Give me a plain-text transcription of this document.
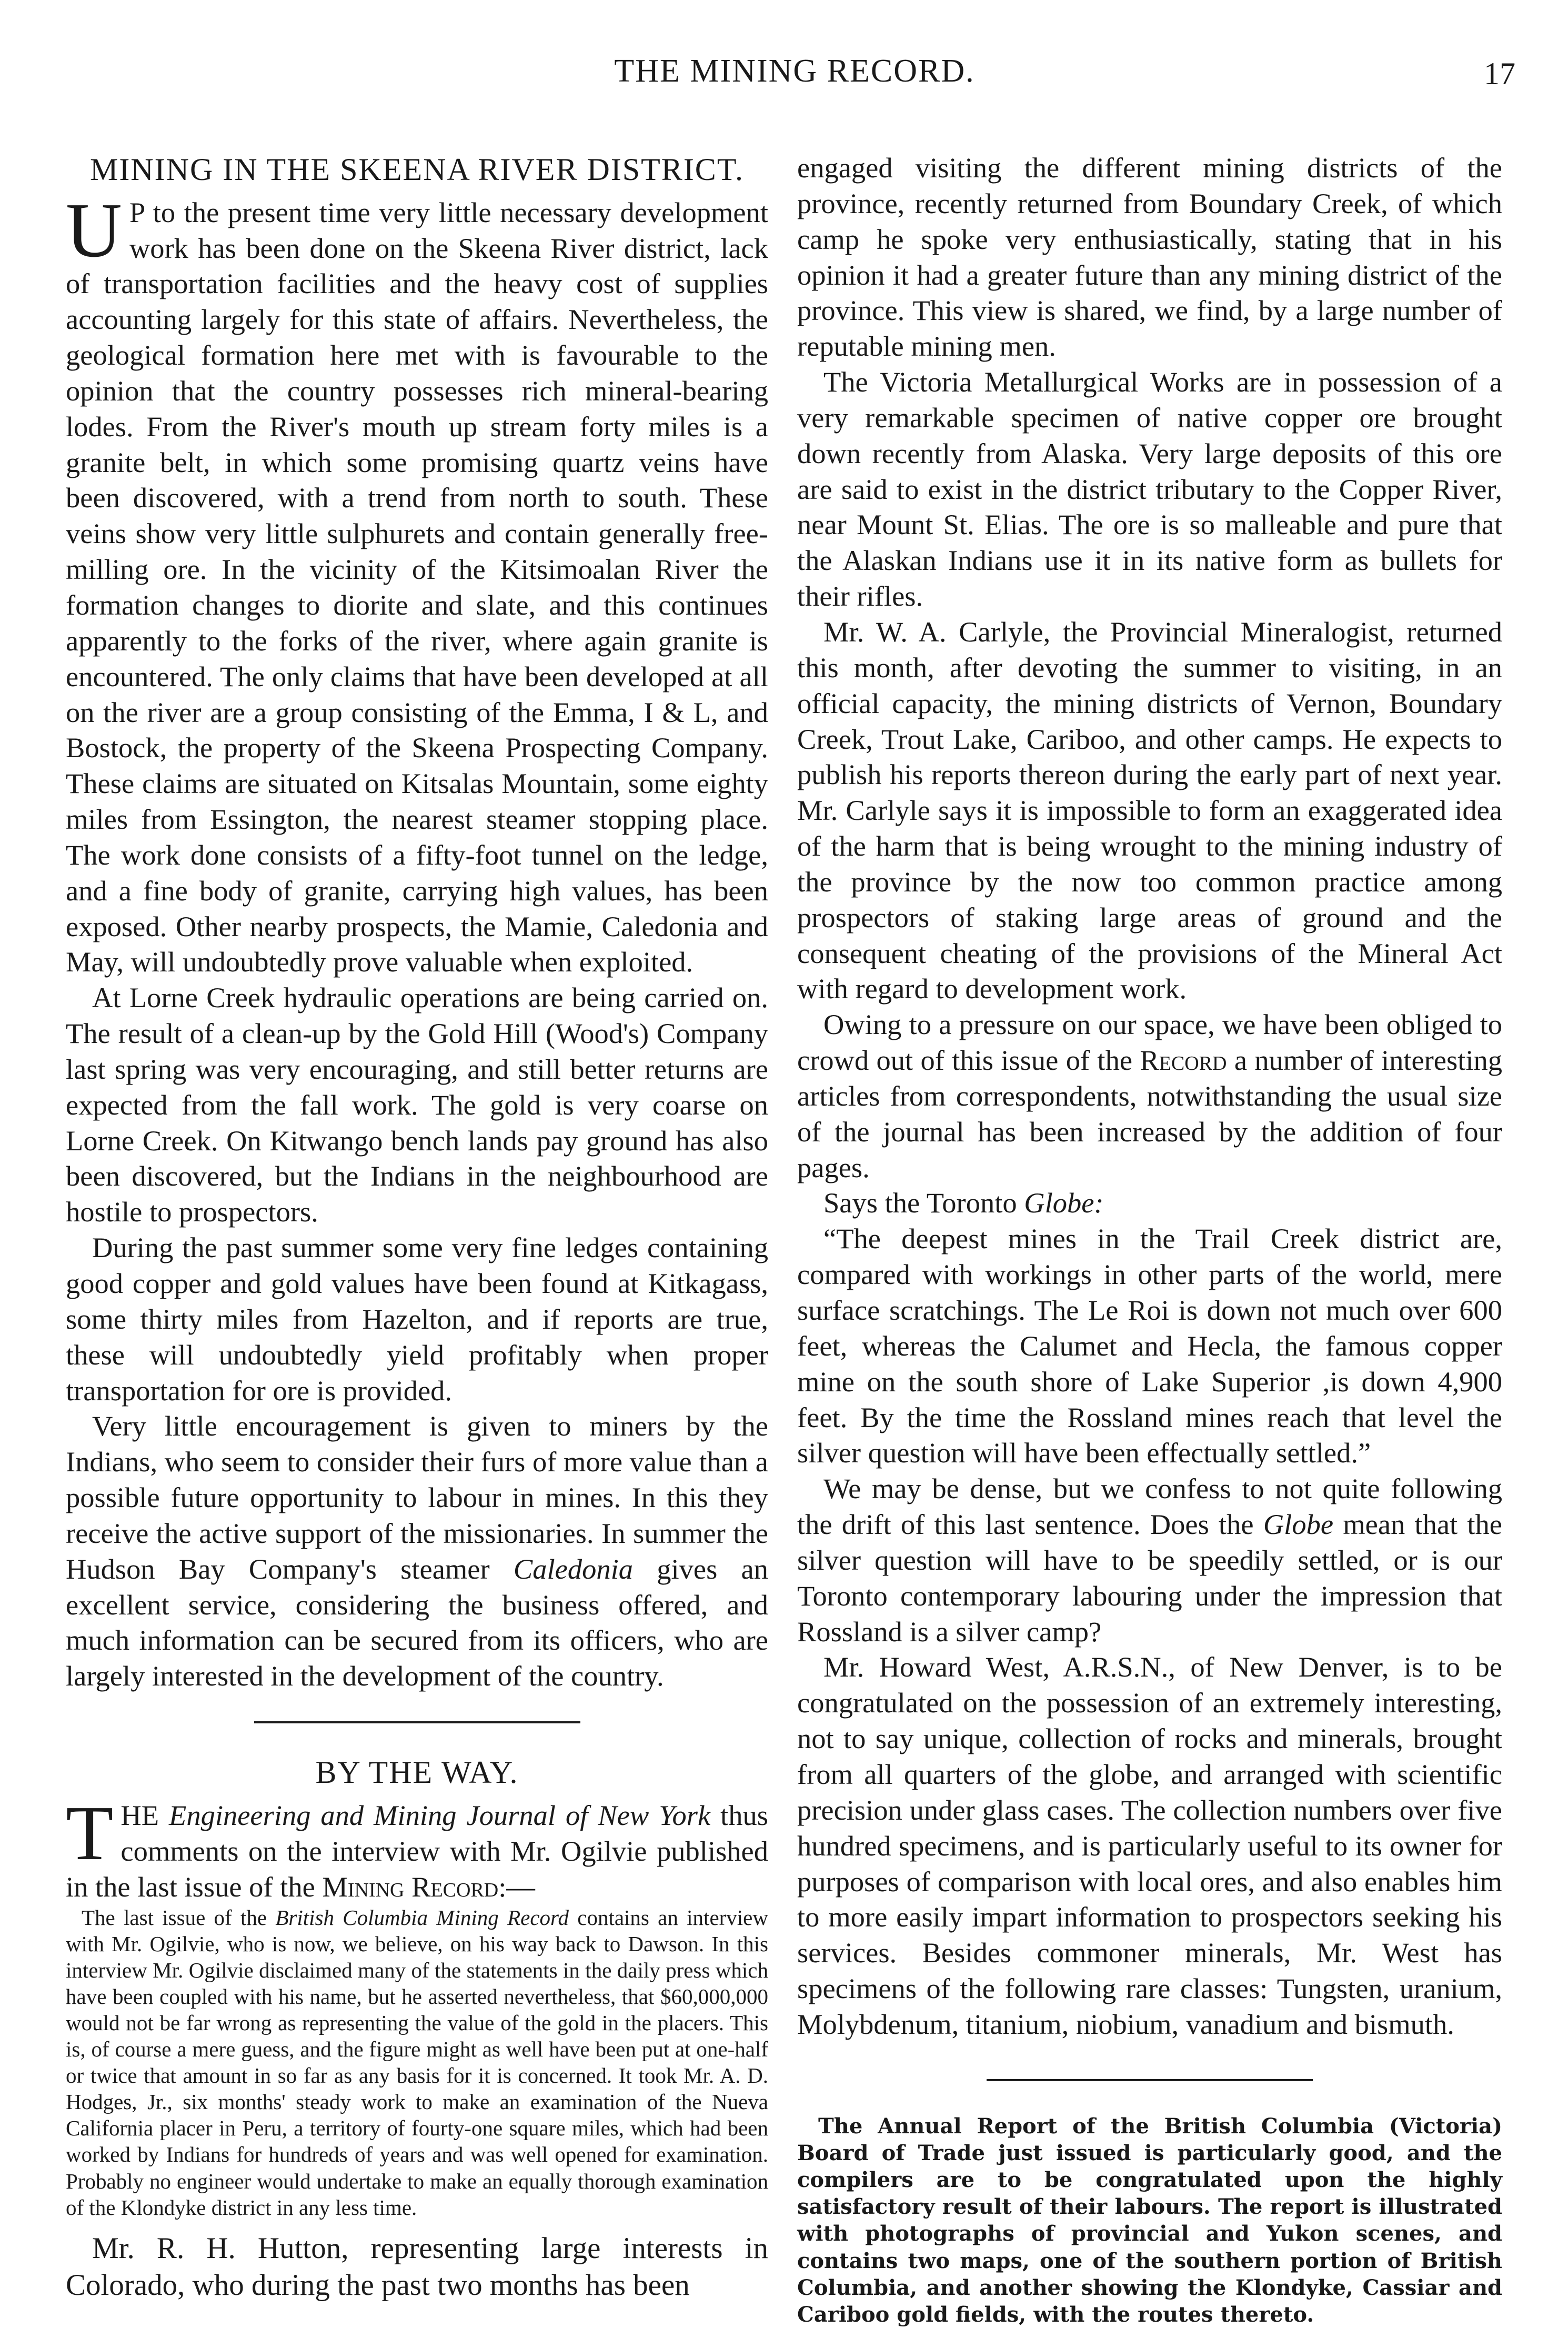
THE MINING RECORD.	17
MINING IN THE SKEENA RIVER DISTRICT.

U P to the present time very little necessary development work has been done on the Skeena River district, lack of transportation facilities and the heavy cost of supplies accounting largely for this state of affairs. Nevertheless, the geological formation here met with is favourable to the opinion that the country possesses rich mineral-bearing lodes. From the River's mouth up stream forty miles is a granite belt, in which some promising quartz veins have been discovered, with a trend from north to south. These veins show very little sulphurets and contain generally free-milling ore. In the vicinity of the Kitsimoalan River the formation changes to diorite and slate, and this continues apparently to the forks of the river, where again granite is encountered. The only claims that have been developed at all on the river are a group consisting of the Emma, I & L, and Bostock, the property of the Skeena Prospecting Company. These claims are situated on Kitsalas Mountain, some eighty miles from Essington, the nearest steamer stopping place. The work done consists of a fifty-foot tunnel on the ledge, and a fine body of granite, carrying high values, has been exposed. Other nearby prospects, the Mamie, Caledonia and May, will undoubtedly prove valuable when exploited.

At Lorne Creek hydraulic operations are being carried on. The result of a clean-up by the Gold Hill (Wood's) Company last spring was very encouraging, and still better returns are expected from the fall work. The gold is very coarse on Lorne Creek. On Kitwango bench lands pay ground has also been discovered, but the Indians in the neighbourhood are hostile to prospectors.

During the past summer some very fine ledges containing good copper and gold values have been found at Kitkagass, some thirty miles from Hazelton, and if reports are true, these will undoubtedly yield profitably when proper transportation for ore is provided.

Very little encouragement is given to miners by the Indians, who seem to consider their furs of more value than a possible future opportunity to labour in mines. In this they receive the active support of the missionaries. In summer the Hudson Bay Company's steamer Caledonia gives an excellent service, considering the business offered, and much information can be secured from its officers, who are largely interested in the development of the country.

BY THE WAY.

THE Engineering and Mining Journal of New York thus comments on the interview with Mr. Ogilvie published in the last issue of the Mining Record:—

The last issue of the British Columbia Mining Record contains an interview with Mr. Ogilvie, who is now, we believe, on his way back to Dawson. In this interview Mr. Ogilvie disclaimed many of the statements in the daily press which have been coupled with his name, but he asserted nevertheless, that $60,000,000 would not be far wrong as representing the value of the gold in the placers. This is, of course a mere guess, and the figure might as well have been put at one-half or twice that amount in so far as any basis for it is concerned. It took Mr. A. D. Hodges, Jr., six months' steady work to make an examination of the Nueva California placer in Peru, a territory of fourty-one square miles, which had been worked by Indians for hundreds of years and was well opened for examination. Probably no engineer would undertake to make an equally thorough examination of the Klondyke district in any less time.

Mr. R. H. Hutton, representing large interests in Colorado, who during the past two months has been

engaged visiting the different mining districts of the province, recently returned from Boundary Creek, of which camp he spoke very enthusiastically, stating that in his opinion it had a greater future than any mining district of the province. This view is shared, we find, by a large number of reputable mining men.

The Victoria Metallurgical Works are in possession of a very remarkable specimen of native copper ore brought down recently from Alaska. Very large deposits of this ore are said to exist in the district tributary to the Copper River, near Mount St. Elias. The ore is so malleable and pure that the Alaskan Indians use it in its native form as bullets for their rifles.

Mr. W. A. Carlyle, the Provincial Mineralogist, returned this month, after devoting the summer to visiting, in an official capacity, the mining districts of Vernon, Boundary Creek, Trout Lake, Cariboo, and other camps. He expects to publish his reports thereon during the early part of next year. Mr. Carlyle says it is impossible to form an exaggerated idea of the harm that is being wrought to the mining industry of the province by the now too common practice among prospectors of staking large areas of ground and the consequent cheating of the provisions of the Mineral Act with regard to development work.

Owing to a pressure on our space, we have been obliged to crowd out of this issue of the Record a number of interesting articles from correspondents, notwithstanding the usual size of the journal has been increased by the addition of four pages.

Says the Toronto Globe:

“The deepest mines in the Trail Creek district are, compared with workings in other parts of the world, mere surface scratchings. The Le Roi is down not much over 600 feet, whereas the Calumet and Hecla, the famous copper mine on the south shore of Lake Superior ,is down 4,900 feet. By the time the Rossland mines reach that level the silver question will have been effectually settled.”

We may be dense, but we confess to not quite following the drift of this last sentence. Does the Globe mean that the silver question will have to be speedily settled, or is our Toronto contemporary labouring under the impression that Rossland is a silver camp?

Mr. Howard West, A.R.S.N., of New Denver, is to be congratulated on the possession of an extremely interesting, not to say unique, collection of rocks and minerals, brought from all quarters of the globe, and arranged with scientific precision under glass cases. The collection numbers over five hundred specimens, and is particularly useful to its owner for purposes of comparison with local ores, and also enables him to more easily impart information to prospectors seeking his services. Besides commoner minerals, Mr. West has specimens of the following rare classes: Tungsten, uranium, Molybdenum, titanium, niobium, vanadium and bismuth.

The Annual Report of the British Columbia (Victoria) Board of Trade just issued is particularly good, and the compilers are to be congratulated upon the highly satisfactory result of their labours. The report is illustrated with photographs of provincial and Yukon scenes, and contains two maps, one of the southern portion of British Columbia, and another showing the Klondyke, Cassiar and Cariboo gold fields, with the routes thereto.
